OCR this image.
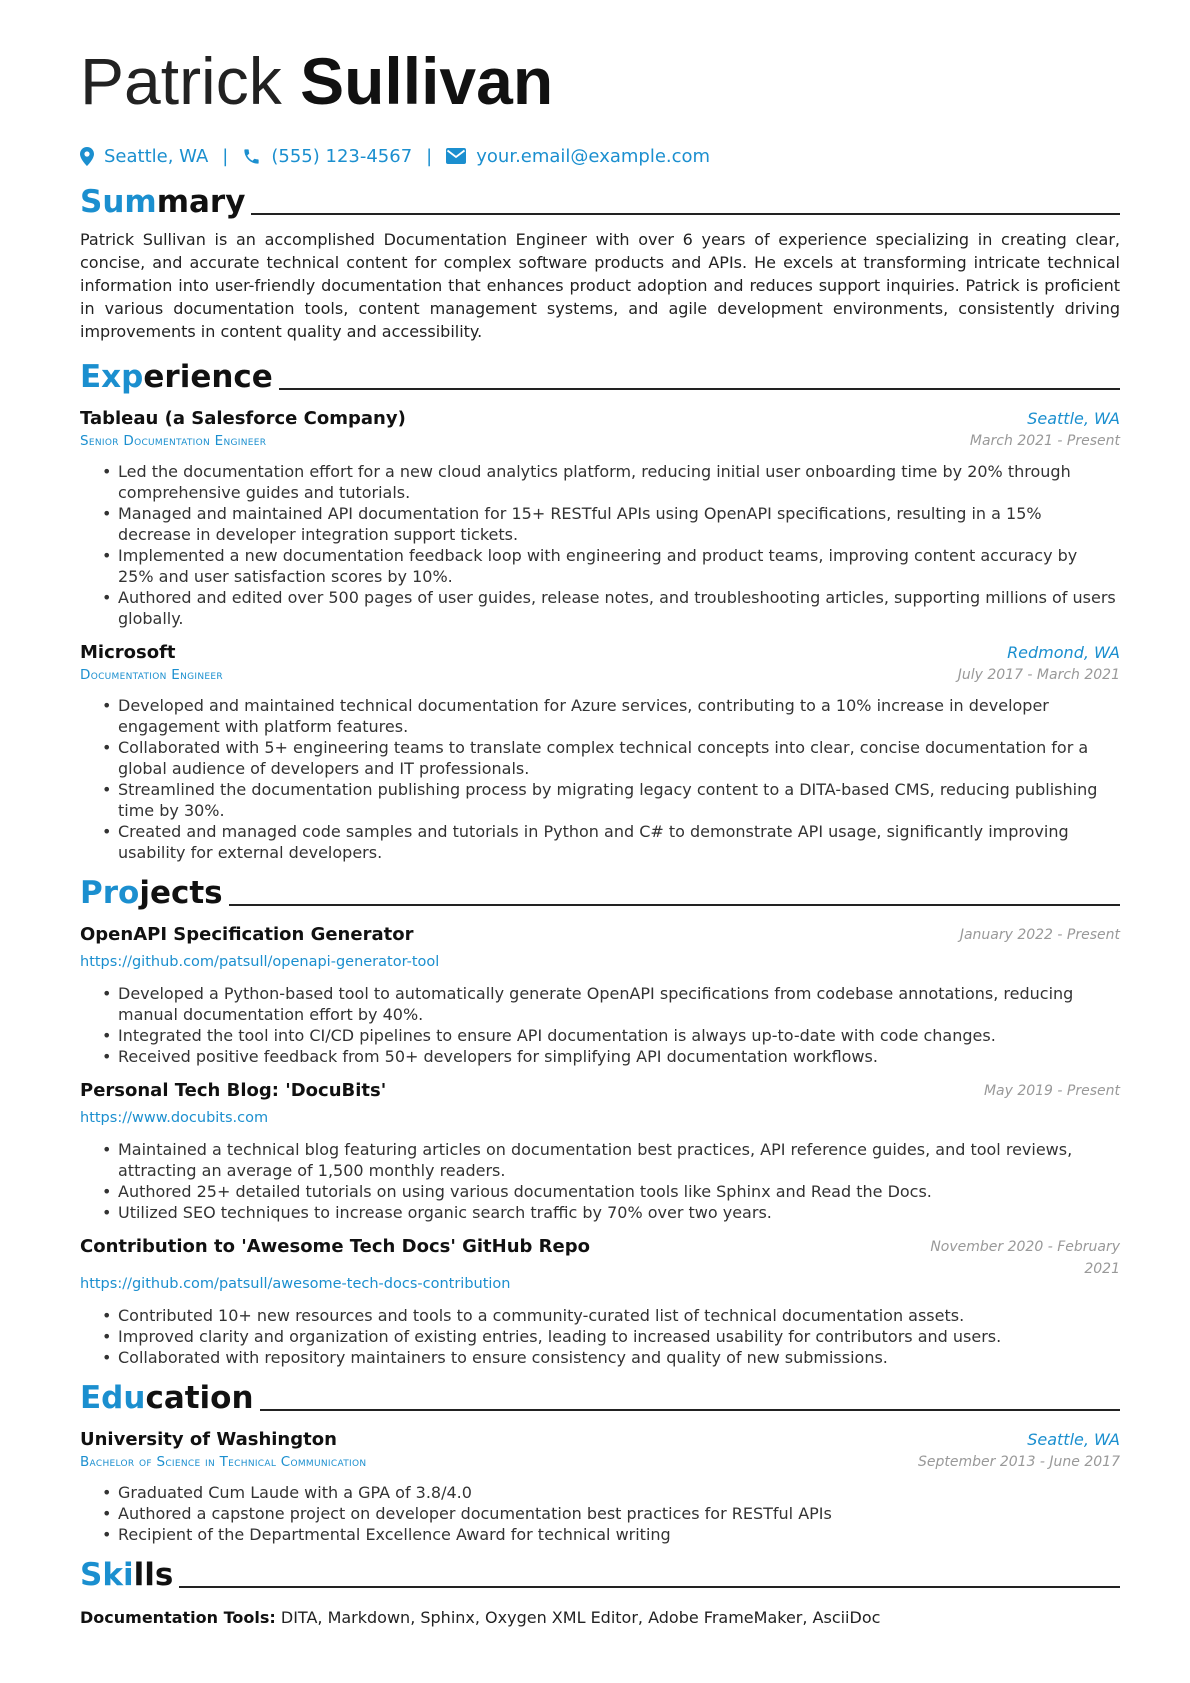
Patrick Sullivan
Seattle, WA | (555) 123-4567 | your.email@example.com
Summary

Patrick Sullivan is an accomplished Documentation Engineer with over 6 years of experience specializing in creating clear, concise, and accurate technical content for complex software products and APIs. He excels at transforming intricate technical information into user-friendly documentation that enhances product adoption and reduces support inquiries. Patrick is proficient in various documentation tools, content management systems, and agile development environments, consistently driving improvements in content quality and accessibility.

Experience
Tableau (a Salesforce Company)
Senior Documentation Engineer
Seattle, WA
March 2021 - Present
• Led the documentation effort for a new cloud analytics platform, reducing initial user onboarding time by 20% through comprehensive guides and tutorials.
• Managed and maintained API documentation for 15+ RESTful APIs using OpenAPI specifications, resulting in a 15% decrease in developer integration support tickets.
• Implemented a new documentation feedback loop with engineering and product teams, improving content accuracy by 25% and user satisfaction scores by 10%.
• Authored and edited over 500 pages of user guides, release notes, and troubleshooting articles, supporting millions of users globally.
Microsoft
Documentation Engineer
Redmond, WA
July 2017 - March 2021
• Developed and maintained technical documentation for Azure services, contributing to a 10% increase in developer engagement with platform features.
• Collaborated with 5+ engineering teams to translate complex technical concepts into clear, concise documentation for a global audience of developers and IT professionals.
• Streamlined the documentation publishing process by migrating legacy content to a DITA-based CMS, reducing publishing time by 30%.
• Created and managed code samples and tutorials in Python and C# to demonstrate API usage, significantly improving usability for external developers.
Projects
OpenAPI Specification Generator
https://github.com/patsull/openapi-generator-tool
January 2022 - Present
• Developed a Python-based tool to automatically generate OpenAPI specifications from codebase annotations, reducing manual documentation effort by 40%.
• Integrated the tool into CI/CD pipelines to ensure API documentation is always up-to-date with code changes.
• Received positive feedback from 50+ developers for simplifying API documentation workflows.
Personal Tech Blog: 'DocuBits'
https://www.docubits.com
May 2019 - Present
• Maintained a technical blog featuring articles on documentation best practices, API reference guides, and tool reviews, attracting an average of 1,500 monthly readers.
• Authored 25+ detailed tutorials on using various documentation tools like Sphinx and Read the Docs.
• Utilized SEO techniques to increase organic search traffic by 70% over two years.
Contribution to 'Awesome Tech Docs' GitHub Repo
https://github.com/patsull/awesome-tech-docs-contribution
November 2020 - February 2021
• Contributed 10+ new resources and tools to a community-curated list of technical documentation assets.
• Improved clarity and organization of existing entries, leading to increased usability for contributors and users.
• Collaborated with repository maintainers to ensure consistency and quality of new submissions.
Education
University of Washington
Bachelor of Science in Technical Communication
Seattle, WA
September 2013 - June 2017
• Graduated Cum Laude with a GPA of 3.8/4.0
• Authored a capstone project on developer documentation best practices for RESTful APIs
• Recipient of the Departmental Excellence Award for technical writing
Skills
Documentation Tools: DITA, Markdown, Sphinx, Oxygen XML Editor, Adobe FrameMaker, AsciiDoc
